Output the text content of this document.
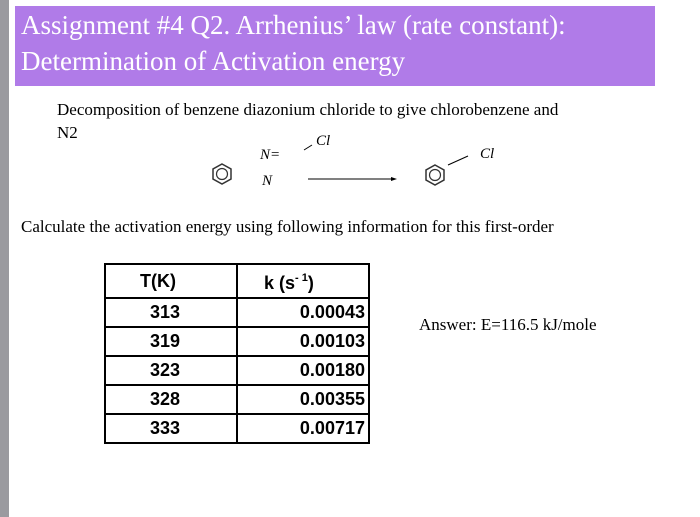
Assignment #4 Q2. Arrhenius’ law (rate constant):
Determination of Activation energy
Decomposition of benzene diazonium chloride to give chlorobenzene and
N2
N=
N
Cl
Cl
Calculate the activation energy using following information for this first-order
T(K)	k $(s^{- 1})$
313	0.00043
319	0.00103
323	0.00180
328	0.00355
333	0.00717
Answer: E=116.5 kJ/mole
